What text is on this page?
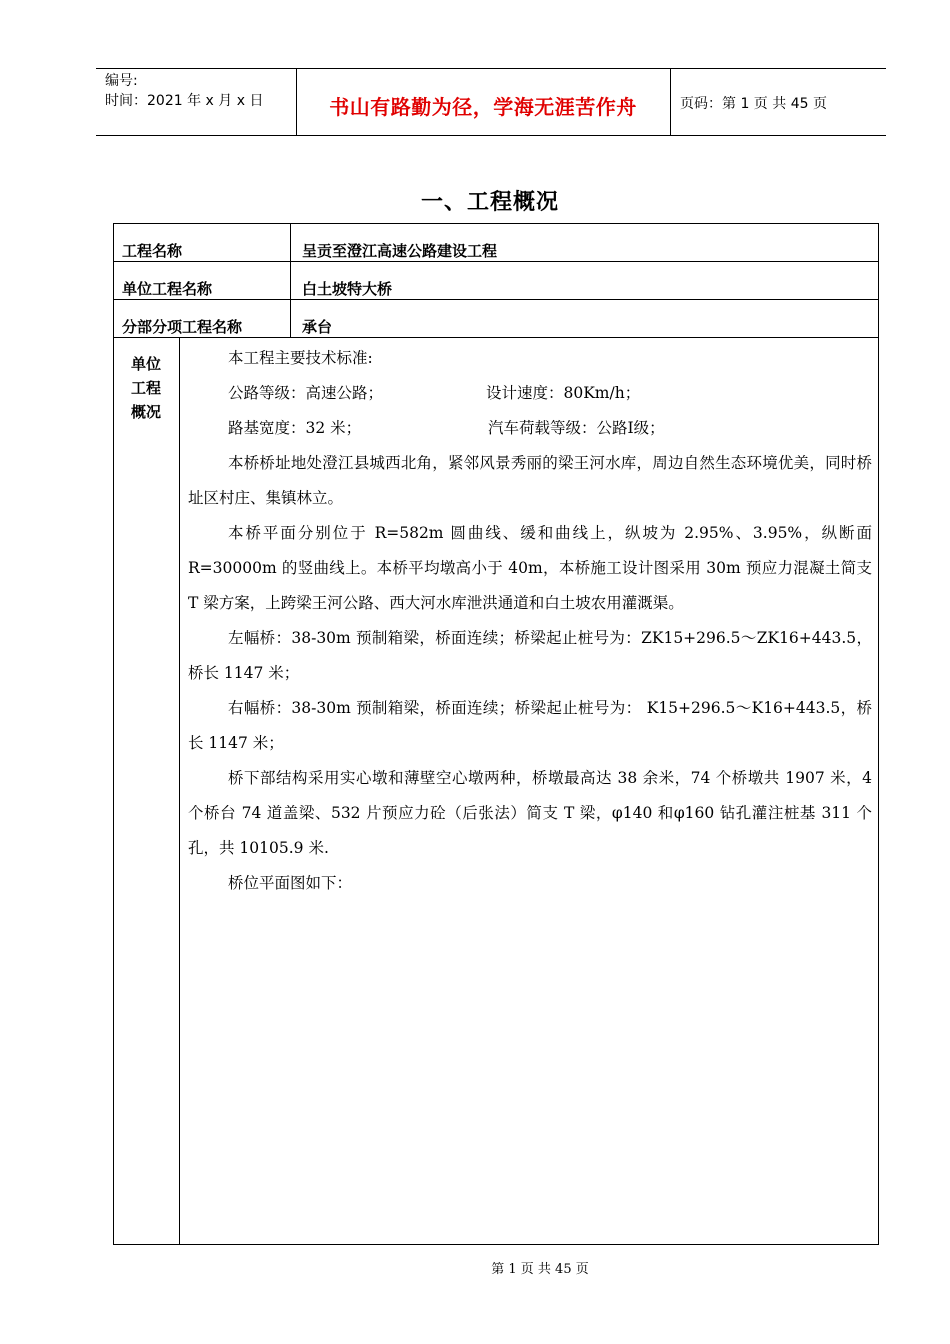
编号:
时间：2021 年 x 月 x 日	书山有路勤为径，学海无涯苦作舟	页码：第 1 页 共 45 页
一、工程概况
工程名称	呈贡至澄江高速公路建设工程
单位工程名称	白土坡特大桥
分部分项工程名称	承台
单位
工程
概况

本工程主要技术标准:

公路等级：高速公路；	设计速度：80Km/h；
路基宽度：32 米；	汽车荷载等级：公路Ⅰ级；

本桥桥址地处澄江县城西北角，紧邻风景秀丽的梁王河水库，周边自然生态环境优美，同时桥址区村庄、集镇林立。

本桥平面分别位于 R=582m 圆曲线、缓和曲线上，纵坡为 2.95%、3.95%，纵断面 R=30000m 的竖曲线上。本桥平均墩高小于 40m，本桥施工设计图采用 30m 预应力混凝土简支 T 梁方案，上跨梁王河公路、西大河水库泄洪通道和白土坡农用灌溉渠。

左幅桥：38-30m 预制箱梁，桥面连续；桥梁起止桩号为：ZK15+296.5～ZK16+443.5，桥长 1147 米；

右幅桥：38-30m 预制箱梁，桥面连续；桥梁起止桩号为： K15+296.5～K16+443.5，桥长 1147 米；

桥下部结构采用实心墩和薄壁空心墩两种，桥墩最高达 38 余米，74 个桥墩共 1907 米，4 个桥台 74 道盖梁、532 片预应力砼（后张法）简支 T 梁，φ140 和φ160 钻孔灌注桩基 311 个孔，共 10105.9 米.

桥位平面图如下：

第 1 页 共 45 页
